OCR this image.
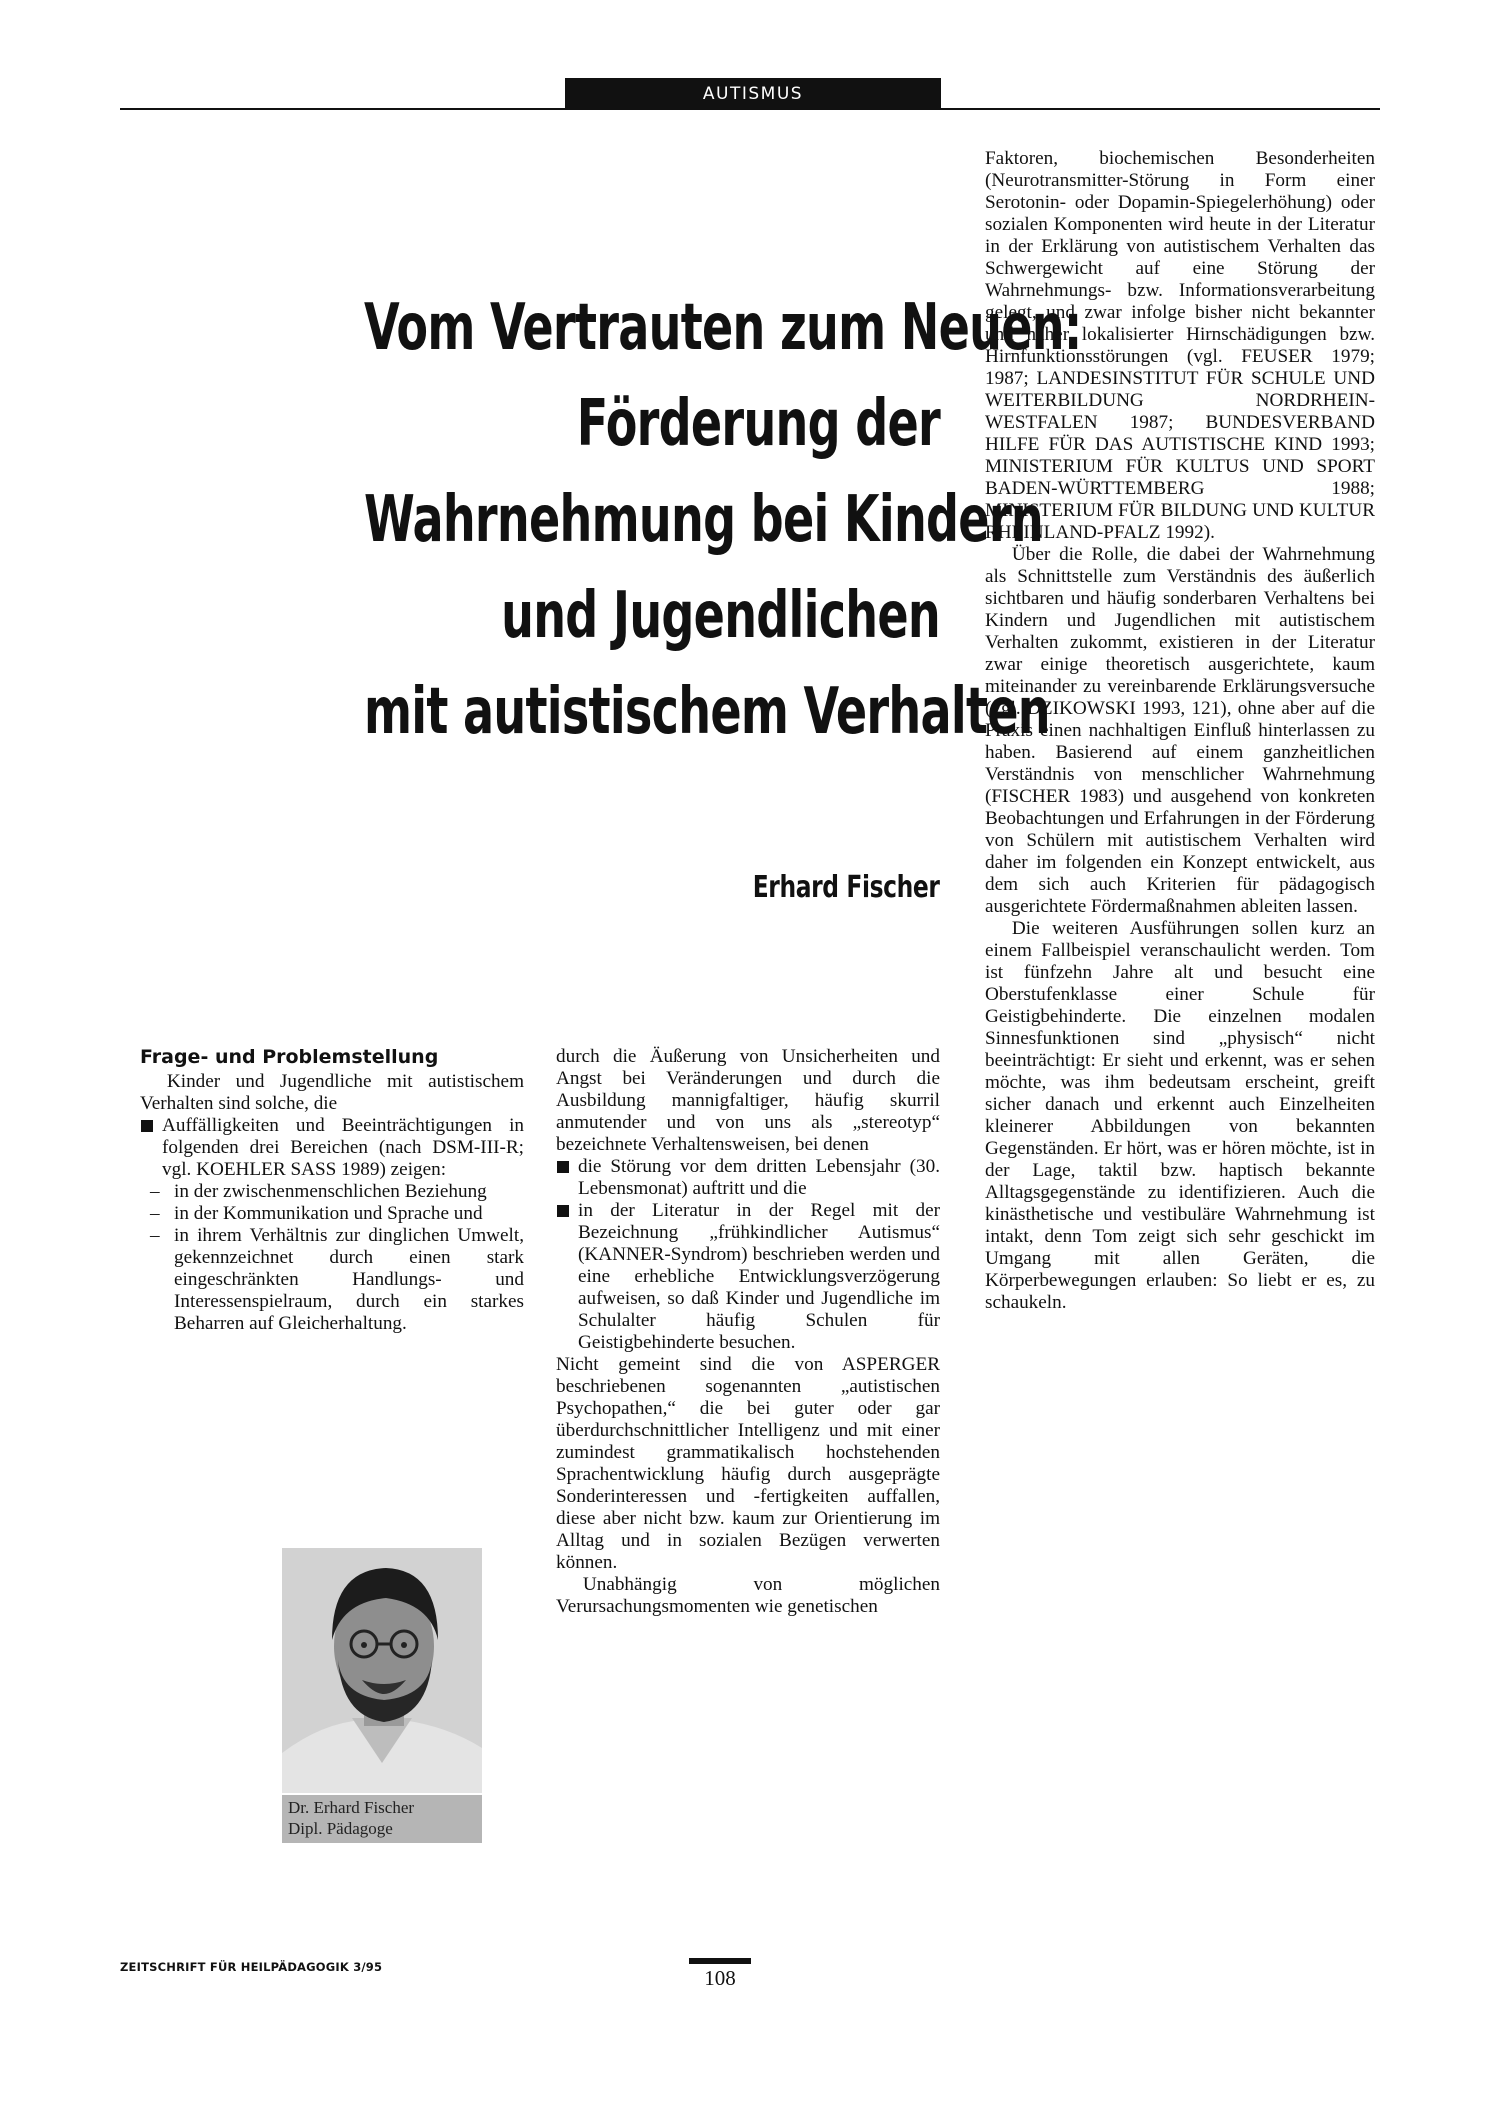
AUTISMUS
Vom Vertrauten zum Neuen:
Förderung der
Wahrnehmung bei Kindern
und Jugendlichen
mit autistischem Verhalten
Erhard Fischer
Frage- und Problemstellung

Kinder und Jugendliche mit autistischem Verhalten sind solche, die

Auffälligkeiten und Beeinträchtigungen in folgenden drei Bereichen (nach DSM-III-R; vgl. KOEHLER SASS 1989) zeigen:
– in der zwischenmenschlichen Beziehung
– in der Kommunikation und Sprache und
– in ihrem Verhältnis zur dinglichen Umwelt, gekennzeichnet durch einen stark eingeschränkten Handlungs- und Interessenspielraum, durch ein starkes Beharren auf Gleicherhaltung.
Dr. Erhard Fischer
Dipl. Pädagoge

durch die Äußerung von Unsicherheiten und Angst bei Veränderungen und durch die Ausbildung mannigfaltiger, häufig skurril anmutender und von uns als „stereotyp“ bezeichnete Verhaltensweisen, bei denen

die Störung vor dem dritten Lebensjahr (30. Lebensmonat) auftritt und die
in der Literatur in der Regel mit der Bezeichnung „frühkindlicher Autismus“ (KANNER-Syndrom) beschrieben werden und eine erhebliche Entwicklungsverzögerung aufweisen, so daß Kinder und Jugendliche im Schulalter häufig Schulen für Geistigbehinderte besuchen.

Nicht gemeint sind die von ASPERGER beschriebenen sogenannten „autistischen Psychopathen,“ die bei guter oder gar überdurchschnittlicher Intelligenz und mit einer zumindest grammatikalisch hochstehenden Sprachentwicklung häufig durch ausgeprägte Sonderinteressen und -fertigkeiten auffallen, diese aber nicht bzw. kaum zur Orientierung im Alltag und in sozialen Bezügen verwerten können.

Unabhängig von möglichen Verursachungsmomenten wie genetischen

Faktoren, biochemischen Besonderheiten (Neurotransmitter-Störung in Form einer Serotonin- oder Dopamin-Spiegelerhöhung) oder sozialen Komponenten wird heute in der Literatur in der Erklärung von autistischem Verhalten das Schwergewicht auf eine Störung der Wahrnehmungs- bzw. Informationsverarbeitung gelegt, und zwar infolge bisher nicht bekannter und näher lokalisierter Hirnschädigungen bzw. Hirnfunktionsstörungen (vgl. FEUSER 1979; 1987; LANDESINSTITUT FÜR SCHULE UND WEITERBILDUNG NORDRHEIN-WESTFALEN 1987; BUNDESVERBAND HILFE FÜR DAS AUTISTISCHE KIND 1993; MINISTERIUM FÜR KULTUS UND SPORT BADEN-WÜRTTEMBERG 1988; MINISTERIUM FÜR BILDUNG UND KULTUR RHEINLAND-PFALZ 1992).

Über die Rolle, die dabei der Wahrnehmung als Schnittstelle zum Verständnis des äußerlich sichtbaren und häufig sonderbaren Verhaltens bei Kindern und Jugendlichen mit autistischem Verhalten zukommt, existieren in der Literatur zwar einige theoretisch ausgerichtete, kaum miteinander zu vereinbarende Erklärungsversuche (vgl. DZIKOWSKI 1993, 121), ohne aber auf die Praxis einen nachhaltigen Einfluß hinterlassen zu haben. Basierend auf einem ganzheitlichen Verständnis von menschlicher Wahrnehmung (FISCHER 1983) und ausgehend von konkreten Beobachtungen und Erfahrungen in der Förderung von Schülern mit autistischem Verhalten wird daher im folgenden ein Konzept entwickelt, aus dem sich auch Kriterien für pädagogisch ausgerichtete Fördermaßnahmen ableiten lassen.

Die weiteren Ausführungen sollen kurz an einem Fallbeispiel veranschaulicht werden. Tom ist fünfzehn Jahre alt und besucht eine Oberstufenklasse einer Schule für Geistigbehinderte. Die einzelnen modalen Sinnesfunktionen sind „physisch“ nicht beeinträchtigt: Er sieht und erkennt, was er sehen möchte, was ihm bedeutsam erscheint, greift sicher danach und erkennt auch Einzelheiten kleinerer Abbildungen von bekannten Gegenständen. Er hört, was er hören möchte, ist in der Lage, taktil bzw. haptisch bekannte Alltagsgegenstände zu identifizieren. Auch die kinästhetische und vestibuläre Wahrnehmung ist intakt, denn Tom zeigt sich sehr geschickt im Umgang mit allen Geräten, die Körperbewegungen erlauben: So liebt er es, zu schaukeln.

ZEITSCHRIFT FÜR HEILPÄDAGOGIK 3/95	108
